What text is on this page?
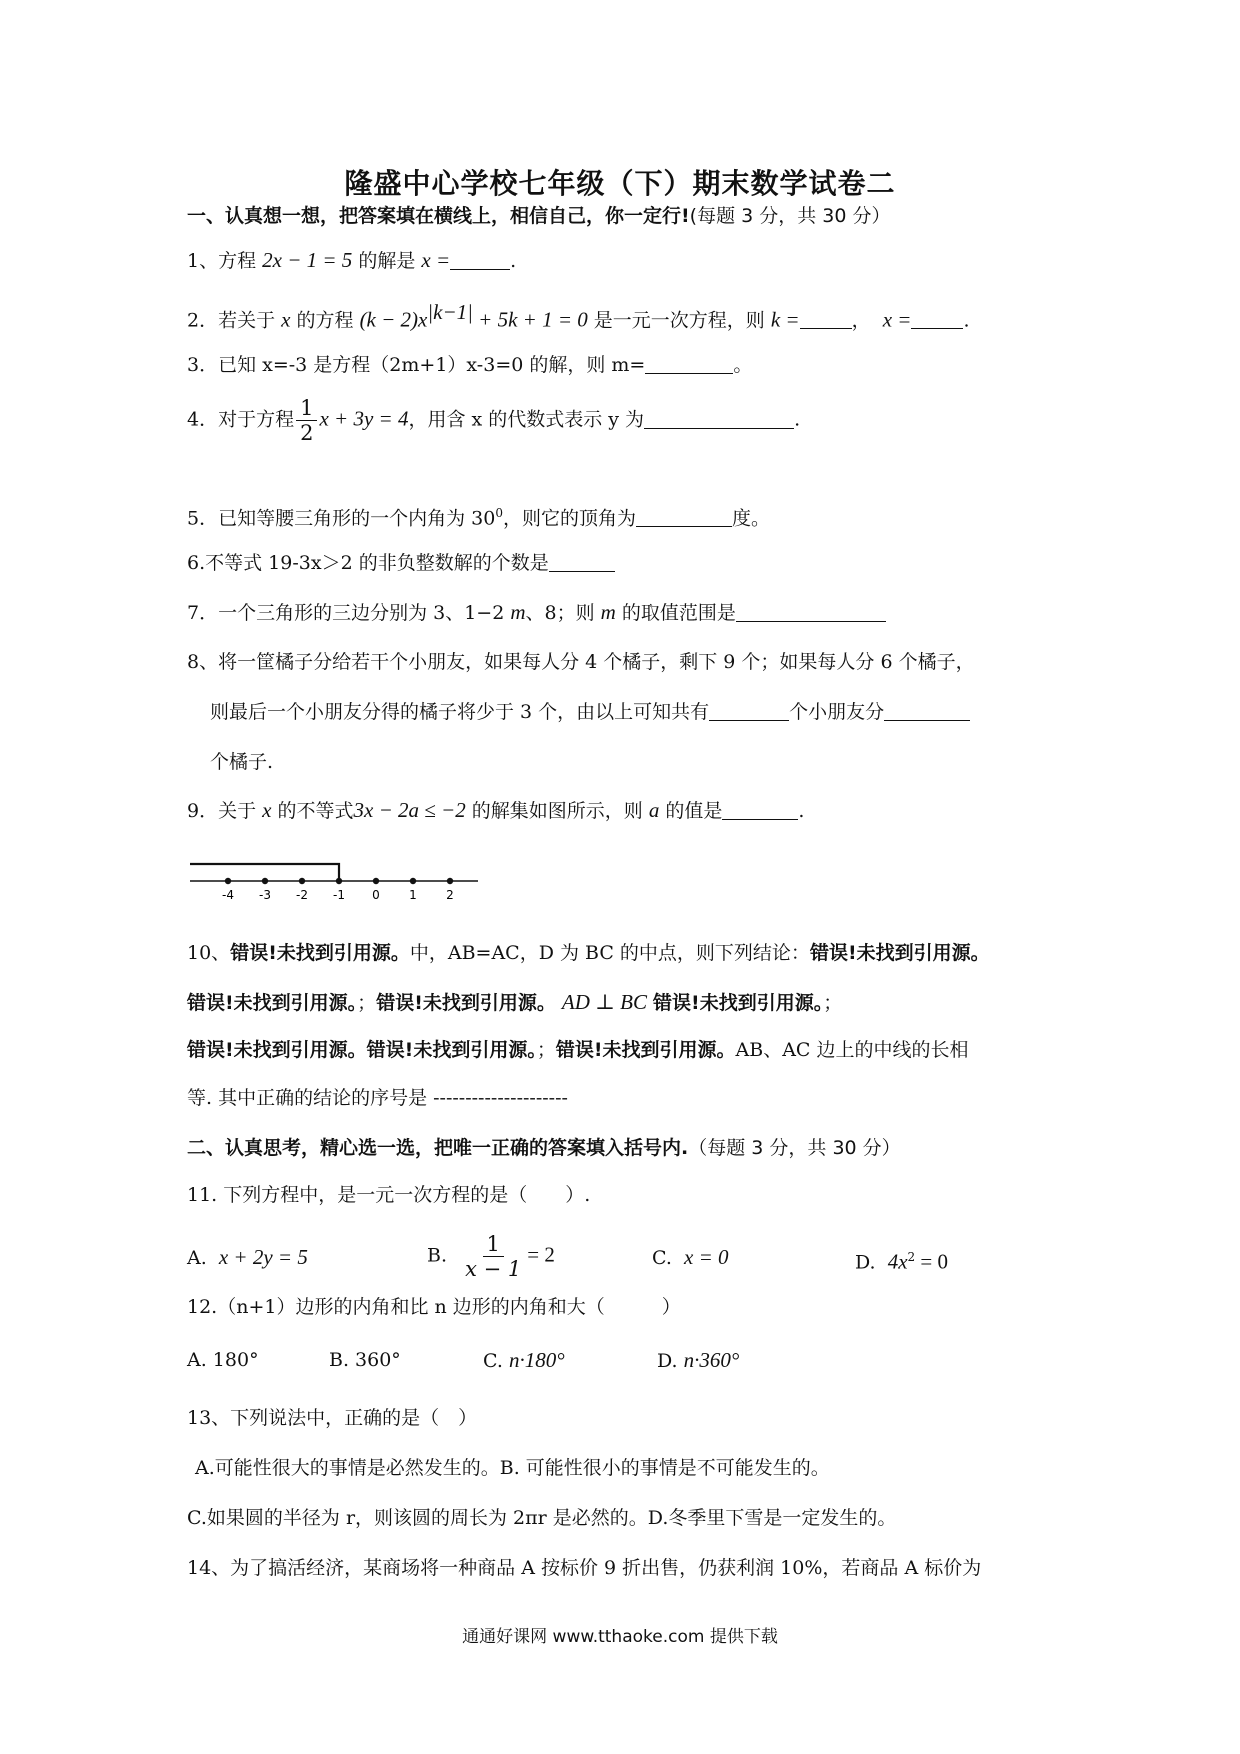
隆盛中心学校七年级（下）期末数学试卷二
一、认真想一想，把答案填在横线上，相信自己，你一定行!(每题 3 分，共 30 分）
1、方程 2x − 1 = 5 的解是 x =	.
2．若关于 x 的方程 $(k - 2)x^{|k-1|} + 5k + 1 = 0$ 是一元一次方程，则 k =	， x =	.
3．已知 x=-3 是方程（2m+1）x-3=0 的解，则 m=	。
4．对于方程 $\frac{1}{2}$ x + 3y = 4，用含 x 的代数式表示 y 为	.
5．已知等腰三角形的一个内角为 $30^0$，则它的顶角为	度。
6.不等式 19-3x＞2 的非负整数解的个数是
7．一个三角形的三边分别为 3、1−2 m、8；则 m 的取值范围是
8、将一筐橘子分给若干个小朋友，如果每人分 4 个橘子，剩下 9 个；如果每人分 6 个橘子，
则最后一个小朋友分得的橘子将少于 3 个，由以上可知共有	个小朋友分
个橘子.
9．关于 x 的不等式3x − 2a ≤ −2 的解集如图所示，则 a 的值是	.
-4 -3 -2 -1 0 1 2
10、错误!未找到引用源。中，AB=AC，D 为 BC 的中点，则下列结论：错误!未找到引用源。
错误!未找到引用源。；错误!未找到引用源。 AD ⊥ BC 错误!未找到引用源。；
错误!未找到引用源。错误!未找到引用源。；错误!未找到引用源。AB、AC 边上的中线的长相
等. 其中正确的结论的序号是 ---------------------
二、认真思考，精心选一选，把唯一正确的答案填入括号内.（每题 3 分，共 30 分）
11. 下列方程中，是一元一次方程的是（　　）.
A. x + 2y = 5	B. $\frac{1}{x - 1} = 2$	C. x = 0	D. $4x^2 = 0$
12.（n+1）边形的内角和比 n 边形的内角和大（　　　）
A. 180°	B. 360°	C. n·180°	D. n·360°
13、下列说法中，正确的是（　）
A.可能性很大的事情是必然发生的。B. 可能性很小的事情是不可能发生的。
C.如果圆的半径为 r，则该圆的周长为 2πr 是必然的。D.冬季里下雪是一定发生的。
14、为了搞活经济，某商场将一种商品 A 按标价 9 折出售，仍获利润 10%，若商品 A 标价为
通通好课网 www.tthaoke.com 提供下载
